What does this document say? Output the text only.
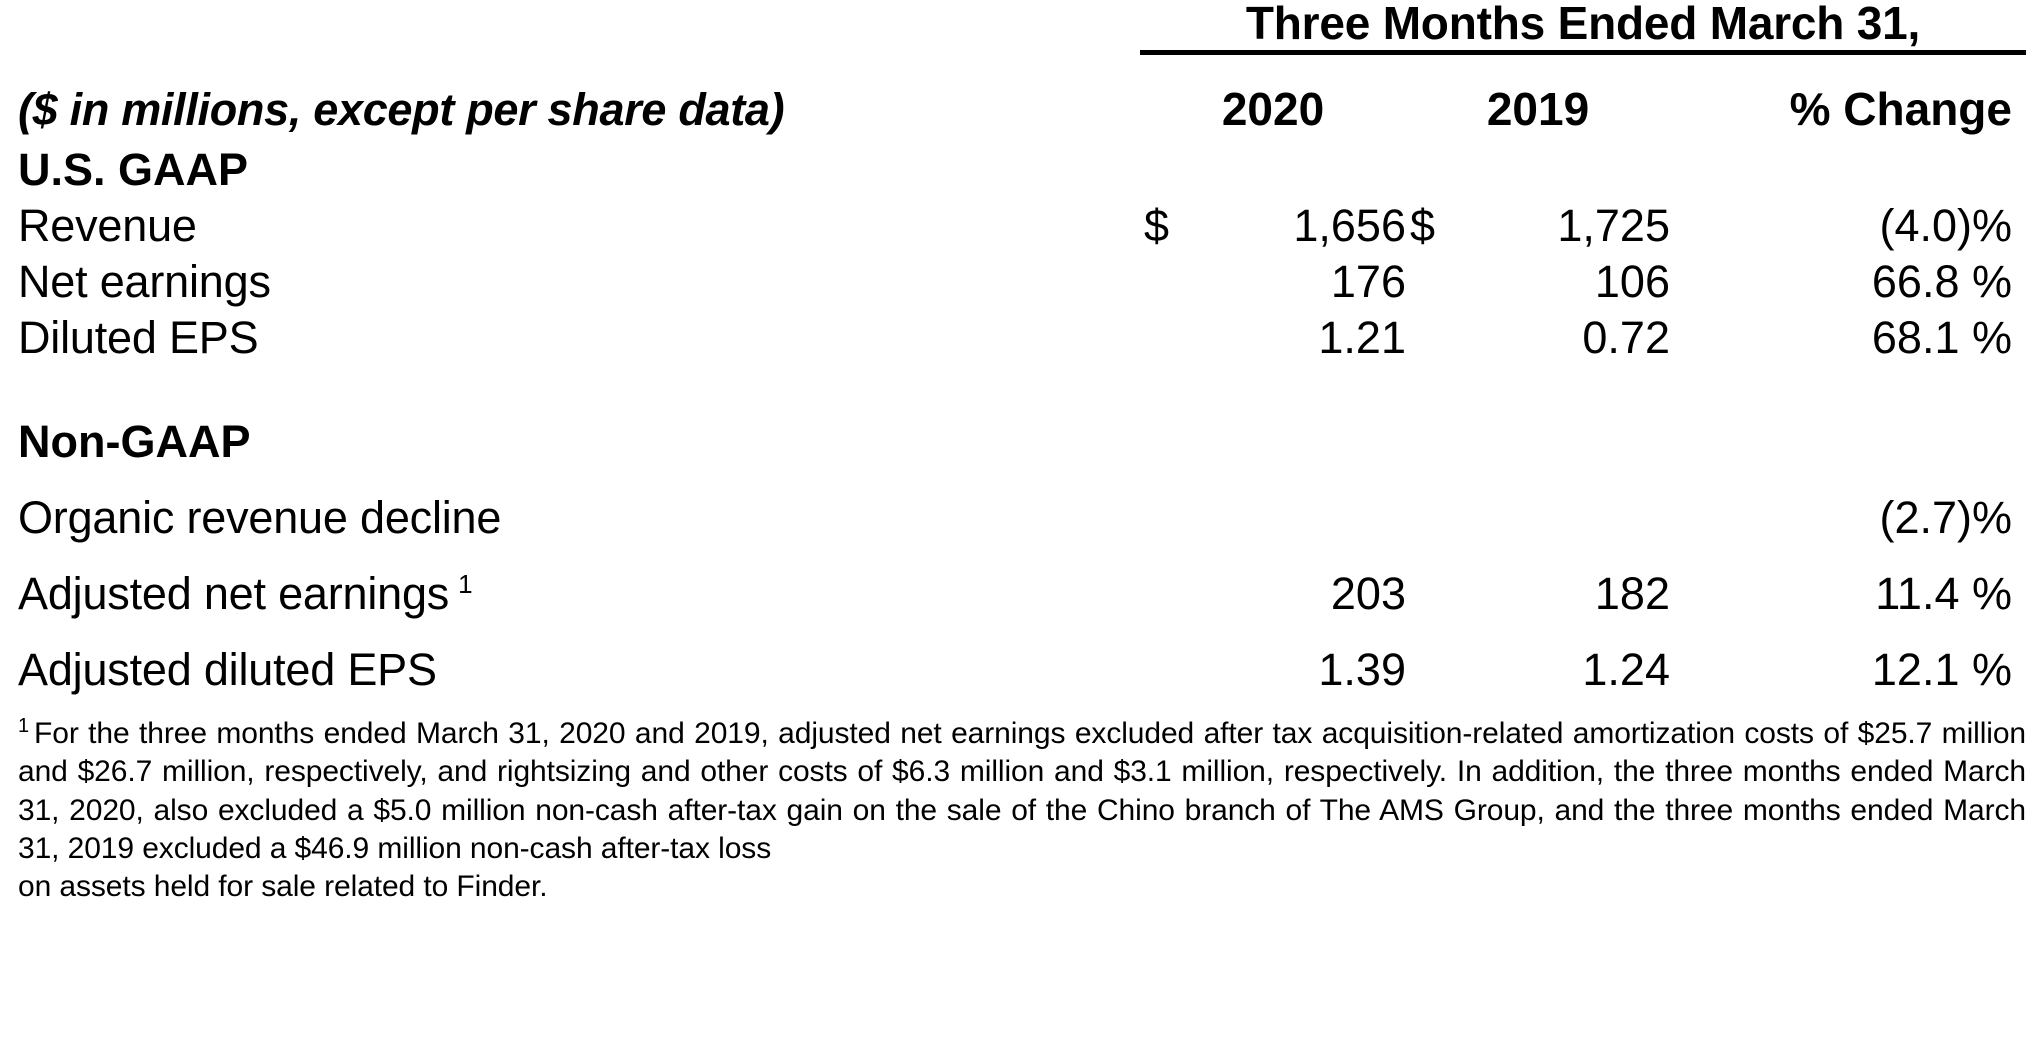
	Three Months Ended March 31,				
($ in millions, except per share data)	2020		2019		% Change
U.S. GAAP					
Revenue	$	1,656	$	1,725	(4.0)%
Net earnings		176		106	66.8 %
Diluted EPS		1.21		0.72	68.1 %

Non-GAAP					
Organic revenue decline					(2.7)%
Adjusted net earnings $^1$		203		182	11.4 %
Adjusted diluted EPS		1.39		1.24	12.1 %
$^1$ For the three months ended March 31, 2020 and 2019, adjusted net earnings excluded after tax acquisition-related amortization costs of $25.7 million and $26.7 million, respectively, and rightsizing and other costs of $6.3 million and $3.1 million, respectively. In addition, the three months ended March 31, 2020, also excluded a $5.0 million non-cash after-tax gain on the sale of the Chino branch of The AMS Group, and the three months ended March 31, 2019 excluded a $46.9 million non-cash after-tax loss
on assets held for sale related to Finder.
